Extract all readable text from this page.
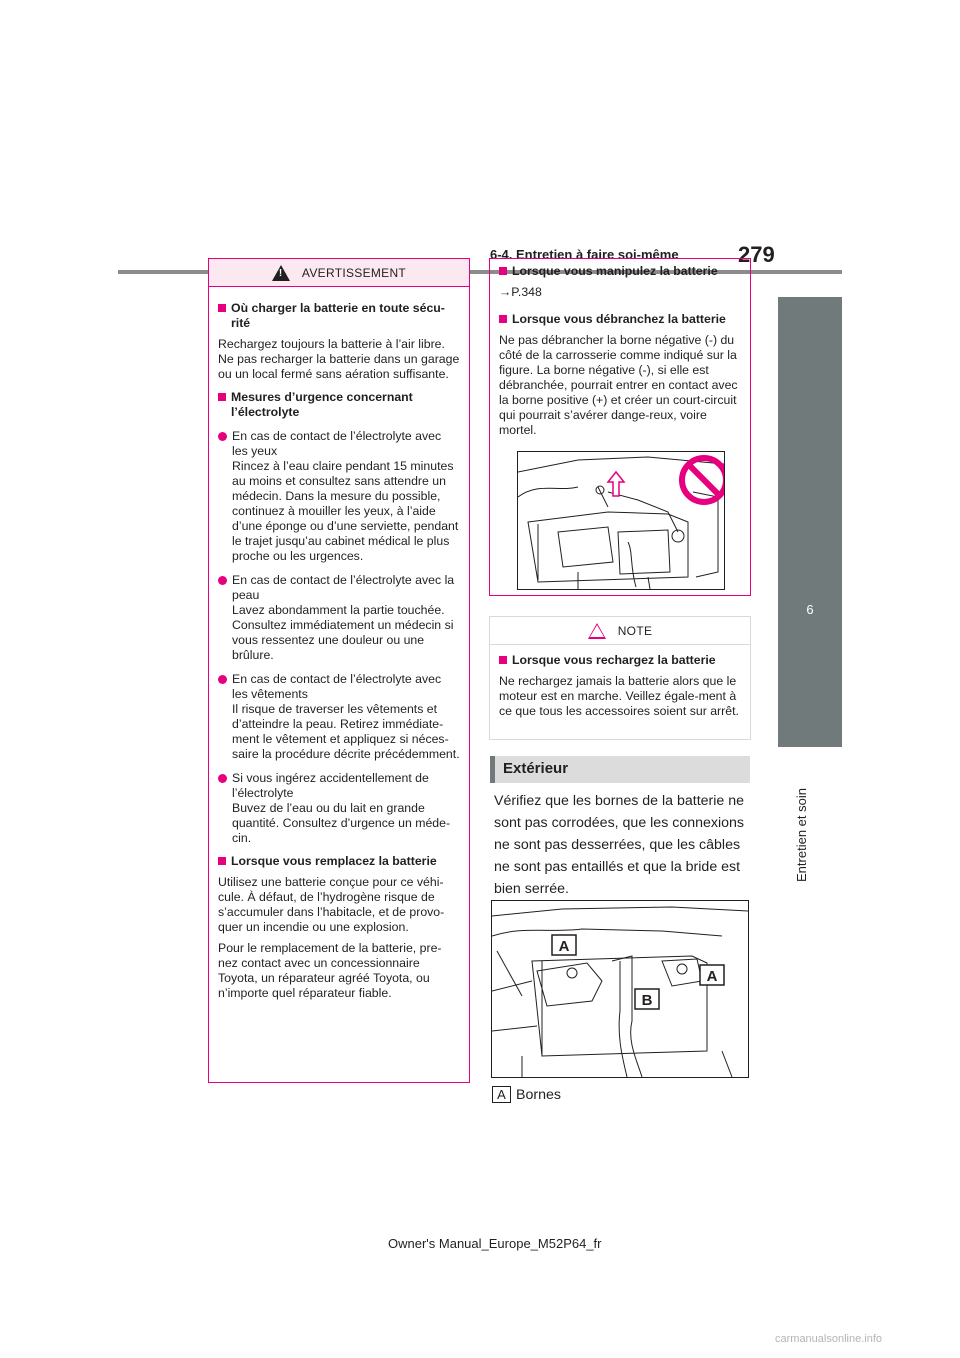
6-4. Entretien à faire soi-même	279
6
Entretien et soin
!
AVERTISSEMENT
Où charger la batterie en toute sécu-rité
Rechargez toujours la batterie à l’air libre. Ne pas recharger la batterie dans un garage ou un local fermé sans aération suffisante.
Mesures d’urgence concernant l’électrolyte
En cas de contact de l’électrolyte avec les yeux
Rincez à l’eau claire pendant 15 minutes au moins et consultez sans attendre un médecin. Dans la mesure du possible, continuez à mouiller les yeux, à l’aide d’une éponge ou d’une serviette, pendant le trajet jusqu’au cabinet médical le plus proche ou les urgences.
En cas de contact de l’électrolyte avec la peau
Lavez abondamment la partie touchée. Consultez immédiatement un médecin si vous ressentez une douleur ou une brûlure.
En cas de contact de l’électrolyte avec les vêtements
Il risque de traverser les vêtements et d’atteindre la peau. Retirez immédiate-ment le vêtement et appliquez si néces-saire la procédure décrite précédemment.
Si vous ingérez accidentellement de l’électrolyte
Buvez de l’eau ou du lait en grande quantité. Consultez d’urgence un méde-cin.
Lorsque vous remplacez la batterie
Utilisez une batterie conçue pour ce véhi-cule. À défaut, de l’hydrogène risque de s’accumuler dans l’habitacle, et de provo-quer un incendie ou une explosion.
Pour le remplacement de la batterie, pre-nez contact avec un concessionnaire Toyota, un réparateur agréé Toyota, ou n’importe quel réparateur fiable.
Lorsque vous manipulez la batterie
→P.348
Lorsque vous débranchez la batterie
Ne pas débrancher la borne négative (-) du côté de la carrosserie comme indiqué sur la figure. La borne négative (-), si elle est débranchée, pourrait entrer en contact avec la borne positive (+) et créer un court-circuit qui pourrait s’avérer dange-reux, voire mortel.
NOTE
Lorsque vous rechargez la batterie
Ne rechargez jamais la batterie alors que le moteur est en marche. Veillez égale-ment à ce que tous les accessoires soient sur arrêt.
Extérieur
Vérifiez que les bornes de la batterie ne sont pas corrodées, que les connexions ne sont pas desserrées, que les câbles ne sont pas entaillés et que la bride est bien serrée.
A
A
B
A Bornes
Owner's Manual_Europe_M52P64_fr
carmanualsonline.info
